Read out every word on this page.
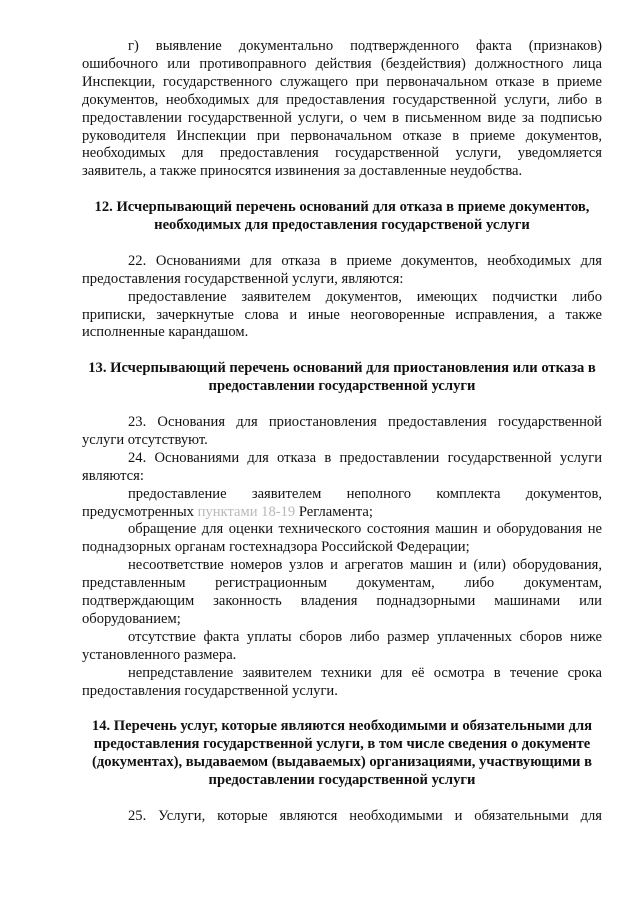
г) выявление документально подтвержденного факта (признаков) ошибочного или противоправного действия (бездействия) должностного лица Инспекции, государственного служащего при первоначальном отказе в приеме документов, необходимых для предоставления государственной услуги, либо в предоставлении государственной услуги, о чем в письменном виде за подписью руководителя Инспекции при первоначальном отказе в приеме документов, необходимых для предоставления государственной услуги, уведомляется заявитель, а также приносятся извинения за доставленные неудобства.

12. Исчерпывающий перечень оснований для отказа в приеме документов, необходимых для предоставления государственой услуги

22. Основаниями для отказа в приеме документов, необходимых для предоставления государственной услуги, являются:

предоставление заявителем документов, имеющих подчистки либо приписки, зачеркнутые слова и иные неоговоренные исправления, а также исполненные карандашом.

13. Исчерпывающий перечень оснований для приостановления или отказа в предоставлении государственной услуги

23. Основания для приостановления предоставления государственной услуги отсутствуют.

24. Основаниями для отказа в предоставлении государственной услуги являются:

предоставление заявителем неполного комплекта документов, предусмотренных пунктами 18-19 Регламента;

обращение для оценки технического состояния машин и оборудования не поднадзорных органам гостехнадзора Российской Федерации;

несоответствие номеров узлов и агрегатов машин и (или) оборудования, представленным регистрационным документам, либо документам, подтверждающим законность владения поднадзорными машинами или оборудованием;

отсутствие факта уплаты сборов либо размер уплаченных сборов ниже установленного размера.

непредставление заявителем техники для её осмотра в течение срока предоставления государственной услуги.

14. Перечень услуг, которые являются необходимыми и обязательными для предоставления государственной услуги, в том числе сведения о документе (документах), выдаваемом (выдаваемых) организациями, участвующими в предоставлении государственной услуги

25. Услуги, которые являются необходимыми и обязательными для
